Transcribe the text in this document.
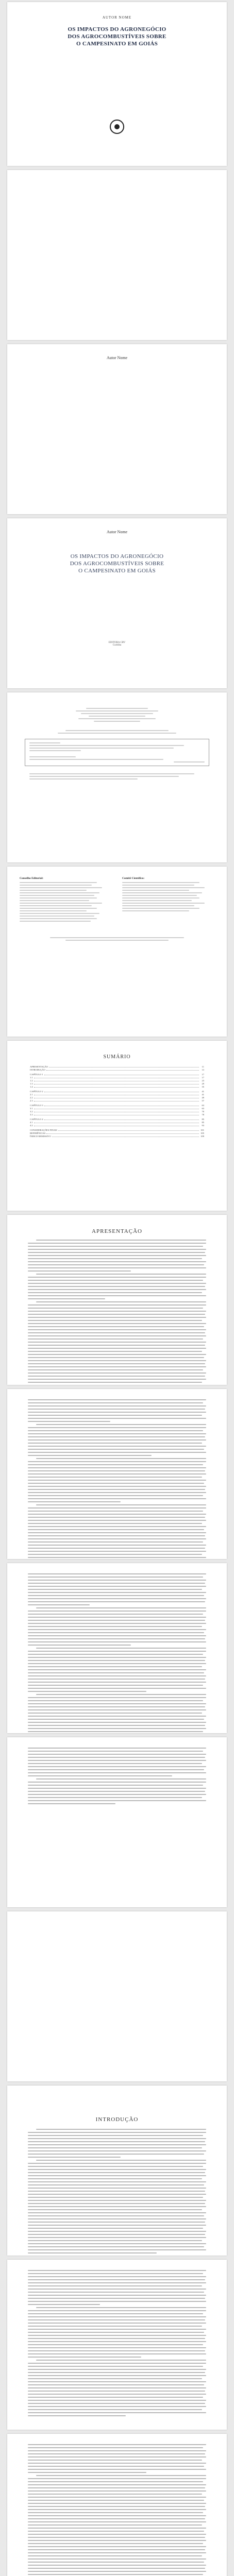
AUTOR NOME
OS IMPACTOS DO AGRONEGÓCIO
DOS AGROCOMBUSTÍVEIS SOBRE
O CAMPESINATO EM GOIÁS
Autor Nome
Autor Nome
OS IMPACTOS DO AGRONEGÓCIO
DOS AGROCOMBUSTÍVEIS SOBRE
O CAMPESINATO EM GOIÁS
EDITORA CRV
Curitiba
Conselho Editorial:	Comitê Científico:
SUMÁRIO
APRESENTAÇÃO	11
INTRODUÇÃO	13
CAPÍTULO 1	17
1.1	17
1.2	23
1.3	29
1.4	35
CAPÍTULO 2	41
2.1	41
2.2	49
2.3	57
CAPÍTULO 3	63
3.1	63
3.2	70
3.3	78
CAPÍTULO 4	85
4.1	85
4.2	93
CONSIDERAÇÕES FINAIS	101
REFERÊNCIAS	105
ÍNDICE REMISSIVO	109
APRESENTAÇÃO
INTRODUÇÃO
